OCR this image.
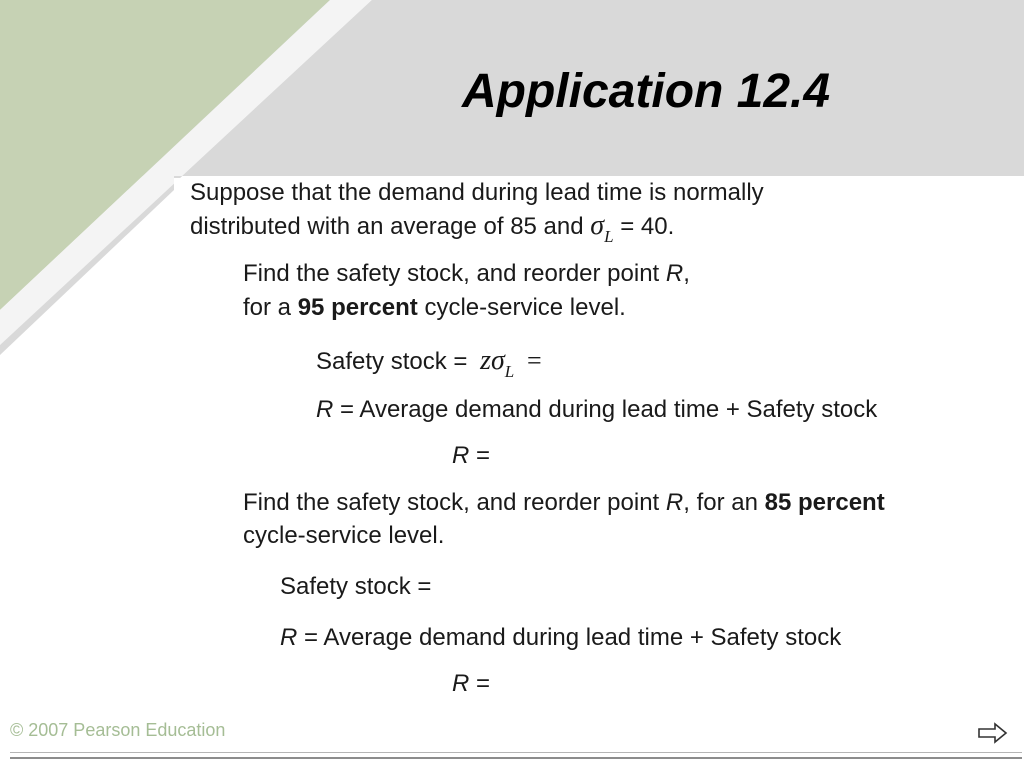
Application 12.4
Suppose that the demand during lead time is normally
distributed with an average of 85 and $\sigma_L = 40$.
Find the safety stock, and reorder point R,
for a 95 percent cycle-service level.
Safety stock = $z\sigma_L$ =
R = Average demand during lead time + Safety stock
R =
Find the safety stock, and reorder point R, for an 85 percent
cycle-service level.
Safety stock =
R = Average demand during lead time + Safety stock
R =
© 2007 Pearson Education
